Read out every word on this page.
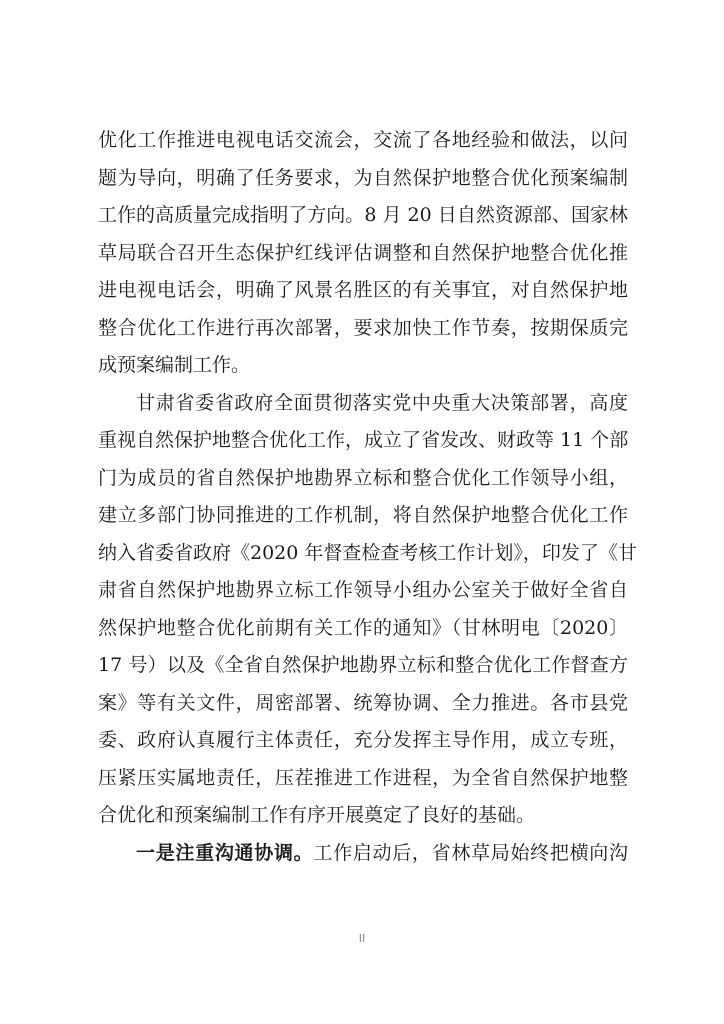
优化工作推进电视电话交流会，交流了各地经验和做法，以问
题为导向，明确了任务要求，为自然保护地整合优化预案编制
工作的高质量完成指明了方向。8 月 20 日自然资源部、国家林
草局联合召开生态保护红线评估调整和自然保护地整合优化推
进电视电话会，明确了风景名胜区的有关事宜，对自然保护地
整合优化工作进行再次部署，要求加快工作节奏，按期保质完
成预案编制工作。
甘肃省委省政府全面贯彻落实党中央重大决策部署，高度
重视自然保护地整合优化工作，成立了省发改、财政等 11 个部
门为成员的省自然保护地勘界立标和整合优化工作领导小组，
建立多部门协同推进的工作机制，将自然保护地整合优化工作
纳入省委省政府《2020 年督查检查考核工作计划》，印发了《甘
肃省自然保护地勘界立标工作领导小组办公室关于做好全省自
然保护地整合优化前期有关工作的通知》（甘林明电〔2020〕
17 号）以及《全省自然保护地勘界立标和整合优化工作督查方
案》等有关文件，周密部署、统筹协调、全力推进。各市县党
委、政府认真履行主体责任，充分发挥主导作用，成立专班，
压紧压实属地责任，压茬推进工作进程，为全省自然保护地整
合优化和预案编制工作有序开展奠定了良好的基础。
一是注重沟通协调。工作启动后，省林草局始终把横向沟
II
